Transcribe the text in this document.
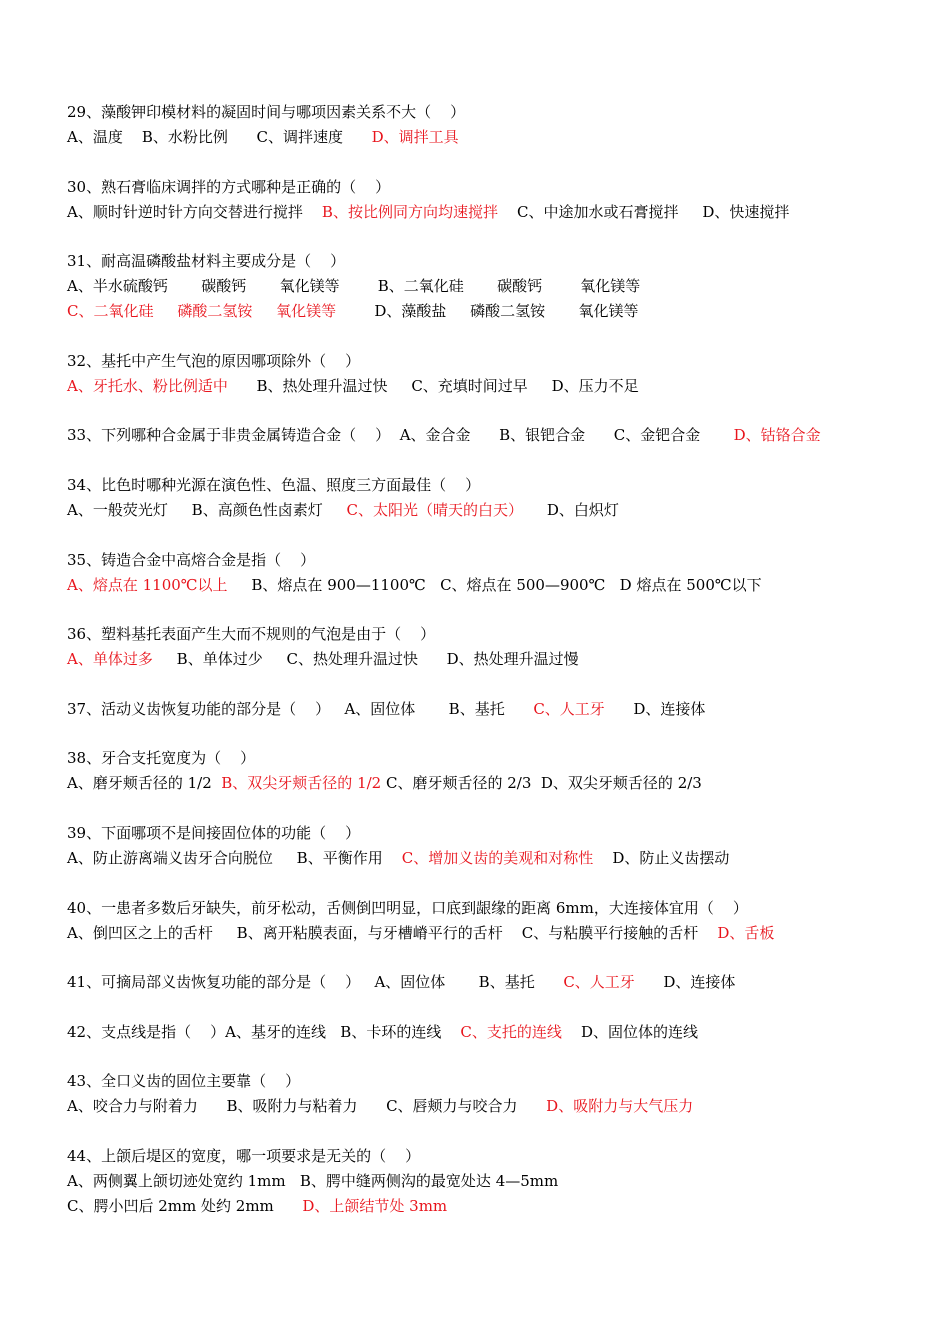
29、藻酸钾印模材料的凝固时间与哪项因素关系不大（    ）
A、温度    B、水粉比例      C、调拌速度      D、调拌工具
30、熟石膏临床调拌的方式哪种是正确的（    ）
A、顺时针逆时针方向交替进行搅拌    B、按比例同方向均速搅拌    C、中途加水或石膏搅拌     D、快速搅拌
31、耐高温磷酸盐材料主要成分是（    ）
A、半水硫酸钙       碳酸钙       氧化镁等        B、二氧化硅       碳酸钙        氧化镁等
C、二氧化硅     磷酸二氢铵     氧化镁等        D、藻酸盐     磷酸二氢铵       氧化镁等
32、基托中产生气泡的原因哪项除外（    ）
A、牙托水、粉比例适中      B、热处理升温过快     C、充填时间过早     D、压力不足
33、下列哪种合金属于非贵金属铸造合金（    ）  A、金合金      B、银钯合金      C、金钯合金       D、钴铬合金
34、比色时哪种光源在演色性、色温、照度三方面最佳（    ）
A、一般荧光灯     B、高颜色性卤素灯     C、太阳光（晴天的白天）     D、白炽灯
35、铸造合金中高熔合金是指（    ）
A、熔点在 1100℃以上     B、熔点在 900—1100℃   C、熔点在 500—900℃   D 熔点在 500℃以下
36、塑料基托表面产生大而不规则的气泡是由于（    ）
A、单体过多     B、单体过少     C、热处理升温过快      D、热处理升温过慢
37、活动义齿恢复功能的部分是（    ）   A、固位体       B、基托      C、人工牙      D、连接体
38、牙合支托宽度为（    ）
A、磨牙颊舌径的 1/2  B、双尖牙颊舌径的 1/2 C、磨牙颊舌径的 2/3  D、双尖牙颊舌径的 2/3
39、下面哪项不是间接固位体的功能（    ）
A、防止游离端义齿牙合向脱位     B、平衡作用    C、增加义齿的美观和对称性    D、防止义齿摆动
40、一患者多数后牙缺失，前牙松动，舌侧倒凹明显，口底到龈缘的距离 6mm，大连接体宜用（    ）
A、倒凹区之上的舌杆     B、离开粘膜表面，与牙槽嵴平行的舌杆    C、与粘膜平行接触的舌杆    D、舌板
41、可摘局部义齿恢复功能的部分是（    ）   A、固位体       B、基托      C、人工牙      D、连接体
42、支点线是指（    ）A、基牙的连线   B、卡环的连线    C、支托的连线    D、固位体的连线
43、全口义齿的固位主要靠（    ）
A、咬合力与附着力      B、吸附力与粘着力      C、唇颊力与咬合力      D、吸附力与大气压力
44、上颌后堤区的宽度，哪一项要求是无关的（    ）
A、两侧翼上颌切迹处宽约 1mm   B、腭中缝两侧沟的最宽处达 4—5mm
C、腭小凹后 2mm 处约 2mm      D、上颌结节处 3mm
